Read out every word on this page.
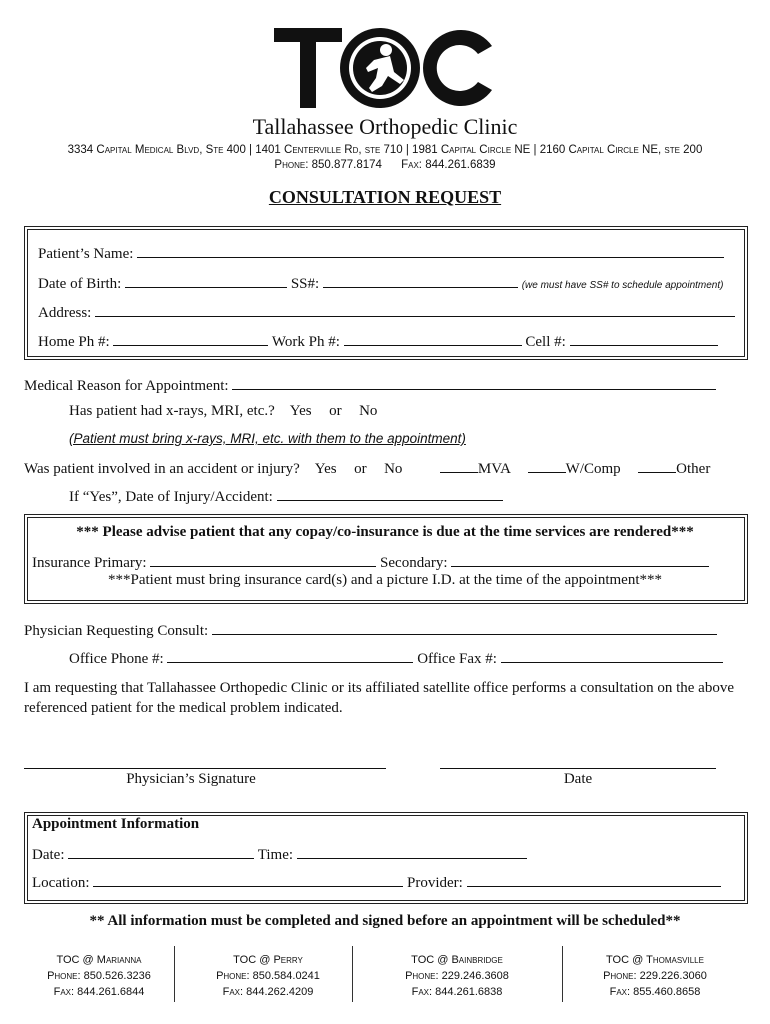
Tallahassee Orthopedic Clinic
3334 Capital Medical Blvd, Ste 400 | 1401 Centerville Rd, ste 710 | 1981 Capital Circle NE | 2160 Capital Circle NE, ste 200
Phone: 850.877.8174      Fax: 844.261.6839
CONSULTATION REQUEST
Patient’s Name:
Date of Birth:	SS#:	(we must have SS# to schedule appointment)
Address:
Home Ph #:	Work Ph #:	Cell #:
Medical Reason for Appointment:
Has patient had x-rays, MRI, etc.? Yes or No
(Patient must bring x-rays, MRI, etc. with them to the appointment)
Was patient involved in an accident or injury? Yes or No	MVA	W/Comp	Other
If “Yes”, Date of Injury/Accident:
*** Please advise patient that any copay/co-insurance is due at the time services are rendered***
Insurance Primary:	Secondary:
***Patient must bring insurance card(s) and a picture I.D. at the time of the appointment***
Physician Requesting Consult:
Office Phone #:	Office Fax #:
I am requesting that Tallahassee Orthopedic Clinic or its affiliated satellite office performs a consultation on the above referenced patient for the medical problem indicated.
Physician’s Signature	Date
Appointment Information
Date:	Time:
Location:	Provider:
** All information must be completed and signed before an appointment will be scheduled**
TOC @ Marianna
Phone: 850.526.3236
Fax: 844.261.6844
TOC @ Perry
Phone: 850.584.0241
Fax: 844.262.4209
TOC @ Bainbridge
Phone: 229.246.3608
Fax: 844.261.6838
TOC @ Thomasville
Phone: 229.226.3060
Fax: 855.460.8658
